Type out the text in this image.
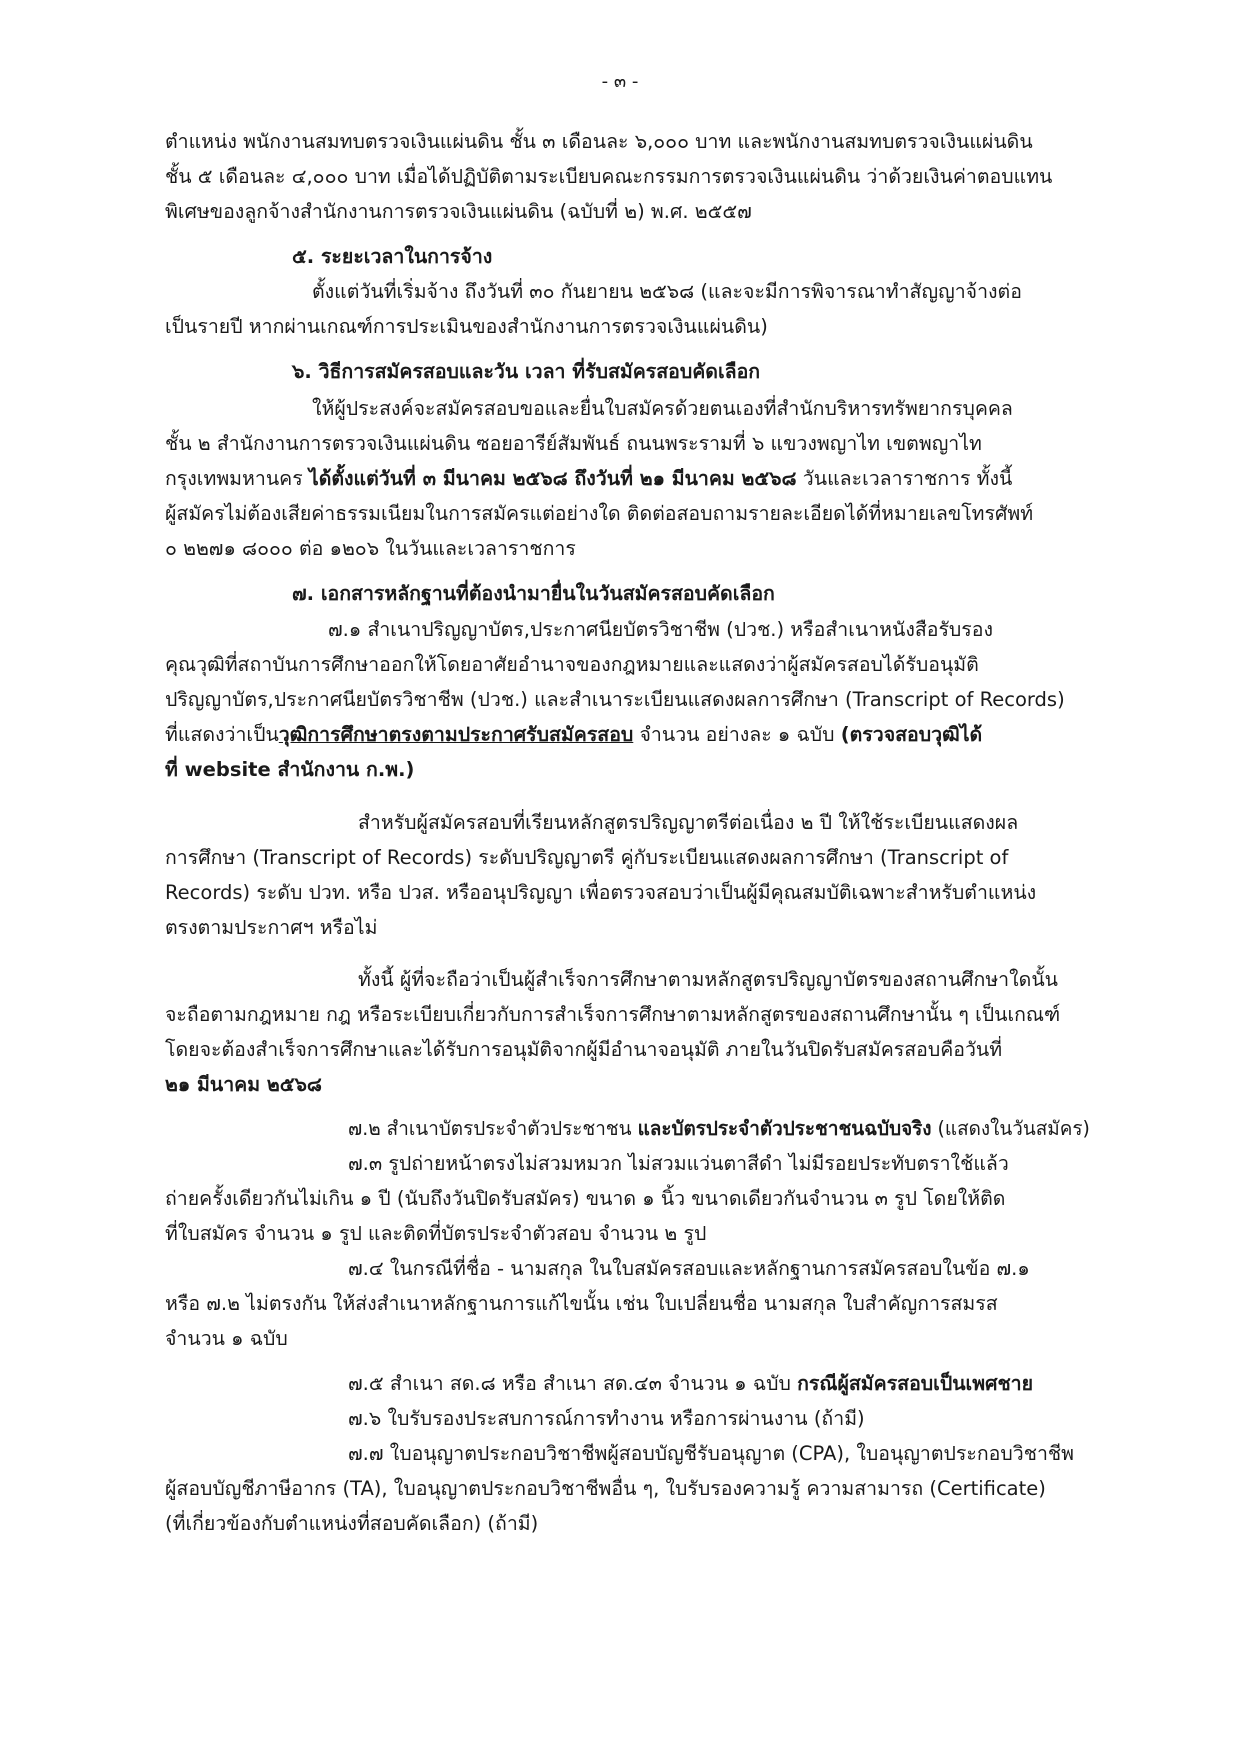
- ๓ -
ตำแหน่ง พนักงานสมทบตรวจเงินแผ่นดิน ชั้น ๓ เดือนละ ๖,๐๐๐ บาท และพนักงานสมทบตรวจเงินแผ่นดิน
ชั้น ๕ เดือนละ ๔,๐๐๐ บาท เมื่อได้ปฏิบัติตามระเบียบคณะกรรมการตรวจเงินแผ่นดิน ว่าด้วยเงินค่าตอบแทน
พิเศษของลูกจ้างสำนักงานการตรวจเงินแผ่นดิน (ฉบับที่ ๒) พ.ศ. ๒๕๕๗
๕. ระยะเวลาในการจ้าง
ตั้งแต่วันที่เริ่มจ้าง ถึงวันที่ ๓๐ กันยายน ๒๕๖๘ (และจะมีการพิจารณาทำสัญญาจ้างต่อ
เป็นรายปี หากผ่านเกณฑ์การประเมินของสำนักงานการตรวจเงินแผ่นดิน)
๖. วิธีการสมัครสอบและวัน เวลา ที่รับสมัครสอบคัดเลือก
ให้ผู้ประสงค์จะสมัครสอบขอและยื่นใบสมัครด้วยตนเองที่สำนักบริหารทรัพยากรบุคคล
ชั้น ๒ สำนักงานการตรวจเงินแผ่นดิน ซอยอารีย์สัมพันธ์ ถนนพระรามที่ ๖ แขวงพญาไท เขตพญาไท
กรุงเทพมหานคร ได้ตั้งแต่วันที่ ๓ มีนาคม ๒๕๖๘ ถึงวันที่ ๒๑ มีนาคม ๒๕๖๘ วันและเวลาราชการ ทั้งนี้
ผู้สมัครไม่ต้องเสียค่าธรรมเนียมในการสมัครแต่อย่างใด ติดต่อสอบถามรายละเอียดได้ที่หมายเลขโทรศัพท์
๐ ๒๒๗๑ ๘๐๐๐ ต่อ ๑๒๐๖ ในวันและเวลาราชการ
๗. เอกสารหลักฐานที่ต้องนำมายื่นในวันสมัครสอบคัดเลือก
๗.๑ สำเนาปริญญาบัตร,ประกาศนียบัตรวิชาชีพ (ปวช.) หรือสำเนาหนังสือรับรอง
คุณวุฒิที่สถาบันการศึกษาออกให้โดยอาศัยอำนาจของกฎหมายและแสดงว่าผู้สมัครสอบได้รับอนุมัติ
ปริญญาบัตร,ประกาศนียบัตรวิชาชีพ (ปวช.) และสำเนาระเบียนแสดงผลการศึกษา (Transcript of Records)
ที่แสดงว่าเป็นวุฒิการศึกษาตรงตามประกาศรับสมัครสอบ จำนวน อย่างละ ๑ ฉบับ (ตรวจสอบวุฒิได้
ที่ website สำนักงาน ก.พ.)
สำหรับผู้สมัครสอบที่เรียนหลักสูตรปริญญาตรีต่อเนื่อง ๒ ปี ให้ใช้ระเบียนแสดงผล
การศึกษา (Transcript of Records) ระดับปริญญาตรี คู่กับระเบียนแสดงผลการศึกษา (Transcript of
Records) ระดับ ปวท. หรือ ปวส. หรืออนุปริญญา เพื่อตรวจสอบว่าเป็นผู้มีคุณสมบัติเฉพาะสำหรับตำแหน่ง
ตรงตามประกาศฯ หรือไม่
ทั้งนี้ ผู้ที่จะถือว่าเป็นผู้สำเร็จการศึกษาตามหลักสูตรปริญญาบัตรของสถานศึกษาใดนั้น
จะถือตามกฎหมาย กฎ หรือระเบียบเกี่ยวกับการสำเร็จการศึกษาตามหลักสูตรของสถานศึกษานั้น ๆ เป็นเกณฑ์
โดยจะต้องสำเร็จการศึกษาและได้รับการอนุมัติจากผู้มีอำนาจอนุมัติ ภายในวันปิดรับสมัครสอบคือวันที่
๒๑ มีนาคม ๒๕๖๘
๗.๒ สำเนาบัตรประจำตัวประชาชน และบัตรประจำตัวประชาชนฉบับจริง (แสดงในวันสมัคร)
๗.๓ รูปถ่ายหน้าตรงไม่สวมหมวก ไม่สวมแว่นตาสีดำ ไม่มีรอยประทับตราใช้แล้ว
ถ่ายครั้งเดียวกันไม่เกิน ๑ ปี (นับถึงวันปิดรับสมัคร) ขนาด ๑ นิ้ว ขนาดเดียวกันจำนวน ๓ รูป โดยให้ติด
ที่ใบสมัคร จำนวน ๑ รูป และติดที่บัตรประจำตัวสอบ จำนวน ๒ รูป
๗.๔ ในกรณีที่ชื่อ - นามสกุล ในใบสมัครสอบและหลักฐานการสมัครสอบในข้อ ๗.๑
หรือ ๗.๒ ไม่ตรงกัน ให้ส่งสำเนาหลักฐานการแก้ไขนั้น เช่น ใบเปลี่ยนชื่อ นามสกุล ใบสำคัญการสมรส
จำนวน ๑ ฉบับ
๗.๕ สำเนา สด.๘ หรือ สำเนา สด.๔๓ จำนวน ๑ ฉบับ กรณีผู้สมัครสอบเป็นเพศชาย
๗.๖ ใบรับรองประสบการณ์การทำงาน หรือการผ่านงาน (ถ้ามี)
๗.๗ ใบอนุญาตประกอบวิชาชีพผู้สอบบัญชีรับอนุญาต (CPA), ใบอนุญาตประกอบวิชาชีพ
ผู้สอบบัญชีภาษีอากร (TA), ใบอนุญาตประกอบวิชาชีพอื่น ๆ, ใบรับรองความรู้ ความสามารถ (Certificate)
(ที่เกี่ยวข้องกับตำแหน่งที่สอบคัดเลือก) (ถ้ามี)
